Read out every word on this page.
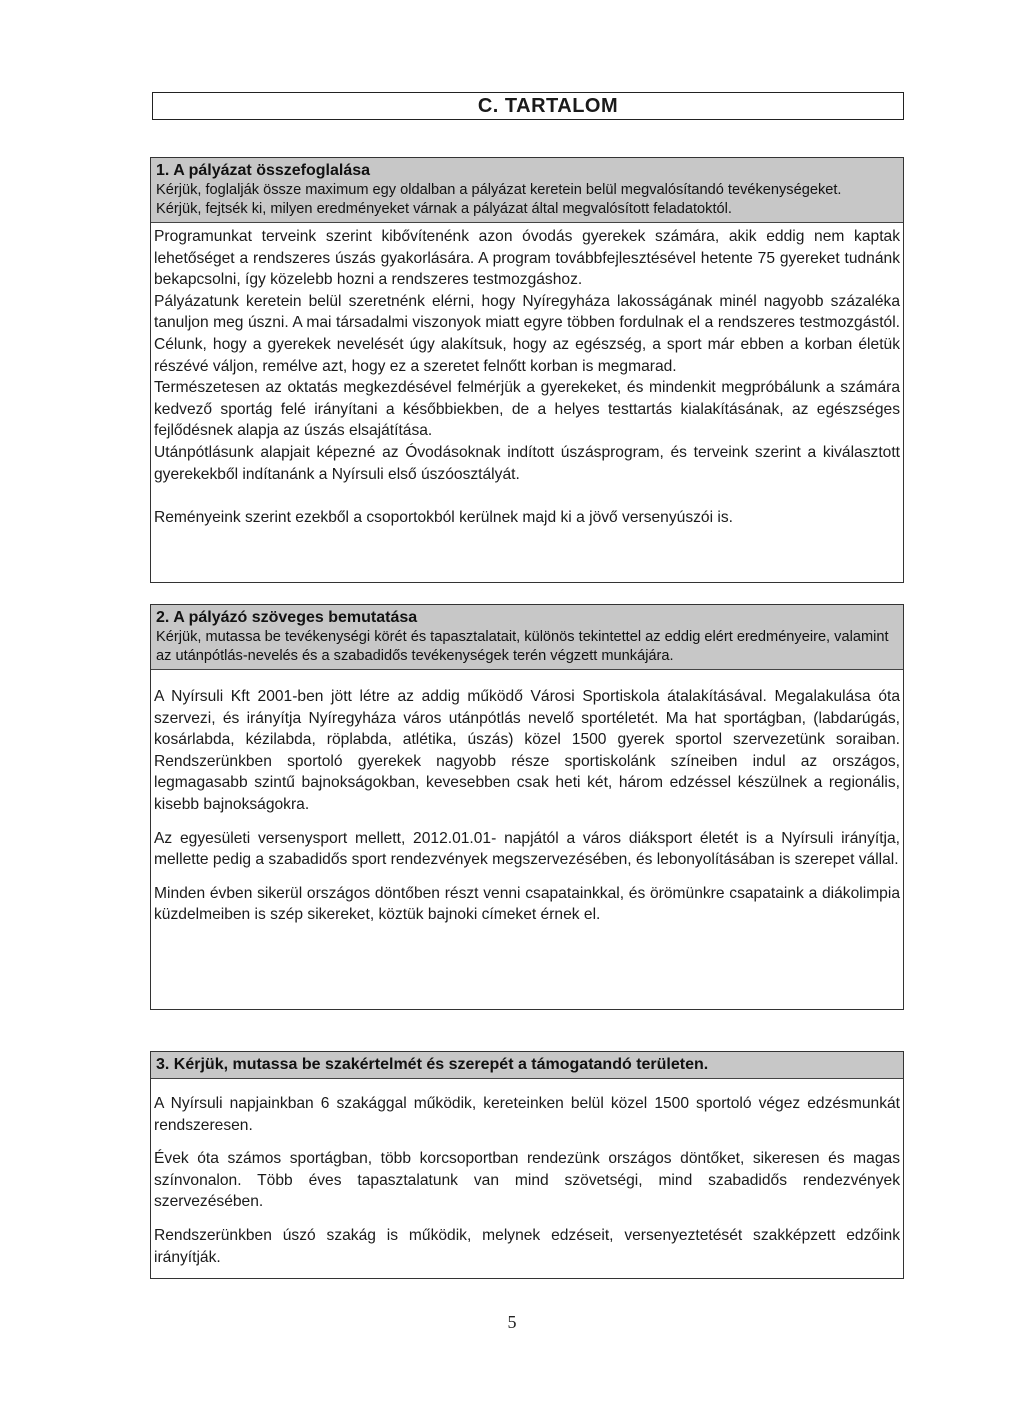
C. TARTALOM
1. A pályázat összefoglalása
Kérjük, foglalják össze maximum egy oldalban a pályázat keretein belül megvalósítandó tevékenységeket.
Kérjük, fejtsék ki, milyen eredményeket várnak a pályázat által megvalósított feladatoktól.

Programunkat terveink szerint kibővítenénk azon óvodás gyerekek számára, akik eddig nem kaptak lehetőséget a rendszeres úszás gyakorlására. A program továbbfejlesztésével hetente 75 gyereket tudnánk bekapcsolni, így közelebb hozni a rendszeres testmozgáshoz.

Pályázatunk keretein belül szeretnénk elérni, hogy Nyíregyháza lakosságának minél nagyobb százaléka tanuljon meg úszni. A mai társadalmi viszonyok miatt egyre többen fordulnak el a rendszeres testmozgástól. Célunk, hogy a gyerekek nevelését úgy alakítsuk, hogy az egészség, a sport már ebben a korban életük részévé váljon, remélve azt, hogy ez a szeretet felnőtt korban is megmarad.

Természetesen az oktatás megkezdésével felmérjük a gyerekeket, és mindenkit megpróbálunk a számára kedvező sportág felé irányítani a későbbiekben, de a helyes testtartás kialakításának, az egészséges fejlődésnek alapja az úszás elsajátítása.

Utánpótlásunk alapjait képezné az Óvodásoknak indított úszásprogram, és terveink szerint a kiválasztott gyerekekből indítanánk a Nyírsuli első úszóosztályát.

Reményeink szerint ezekből a csoportokból kerülnek majd ki a jövő versenyúszói is.

2. A pályázó szöveges bemutatása
Kérjük, mutassa be tevékenységi körét és tapasztalatait, különös tekintettel az eddig elért eredményeire, valamint
az utánpótlás-nevelés és a szabadidős tevékenységek terén végzett munkájára.

A Nyírsuli Kft 2001-ben jött létre az addig működő Városi Sportiskola átalakításával. Megalakulása óta szervezi, és irányítja Nyíregyháza város utánpótlás nevelő sportéletét. Ma hat sportágban, (labdarúgás, kosárlabda, kézilabda, röplabda, atlétika, úszás) közel 1500 gyerek sportol szervezetünk soraiban. Rendszerünkben sportoló gyerekek nagyobb része sportiskolánk színeiben indul az országos, legmagasabb szintű bajnokságokban, kevesebben csak heti két, három edzéssel készülnek a regionális, kisebb bajnokságokra.

Az egyesületi versenysport mellett, 2012.01.01- napjától a város diáksport életét is a Nyírsuli irányítja, mellette pedig a szabadidős sport rendezvények megszervezésében, és lebonyolításában is szerepet vállal.

Minden évben sikerül országos döntőben részt venni csapatainkkal, és örömünkre csapataink a diákolimpia küzdelmeiben is szép sikereket, köztük bajnoki címeket érnek el.

3. Kérjük, mutassa be szakértelmét és szerepét a támogatandó területen.

A Nyírsuli napjainkban 6 szakággal működik, kereteinken belül közel 1500 sportoló végez edzésmunkát rendszeresen.

Évek óta számos sportágban, több korcsoportban rendezünk országos döntőket, sikeresen és magas színvonalon. Több éves tapasztalatunk van mind szövetségi, mind szabadidős rendezvények szervezésében.

Rendszerünkben úszó szakág is működik, melynek edzéseit, versenyeztetését szakképzett edzőink irányítják.

5
